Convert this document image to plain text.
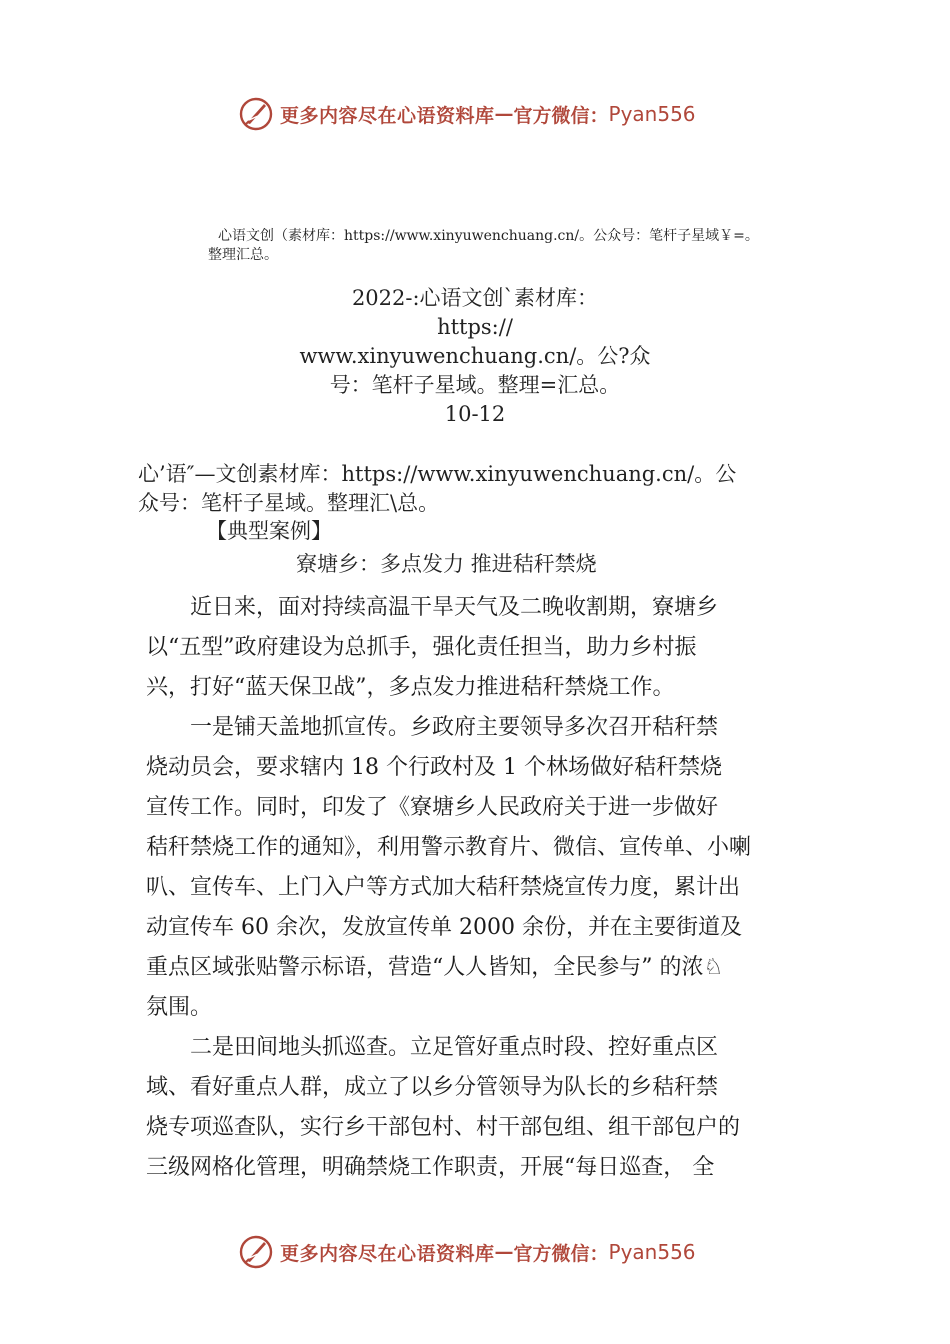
更多内容尽在心语资料库 — 官方微信： Pyan556
心语文创（素材库：https://www.xinyuwenchuang.cn/。公众号：笔杆子星域￥=。
整理汇总。
2022-:心语文创`素材库：
https://
www.xinyuwenchuang.cn/。公?众
号：笔杆子星域。整理=汇总。
10-12
心’语″—文创素材库：https://www.xinyuwenchuang.cn/。公
众号：笔杆子星域。整理汇\总。
【典型案例】
寮塘乡：多点发力 推进秸秆禁烧
　　近日来，面对持续高温干旱天气及二晚收割期，寮塘乡
以“五型”政府建设为总抓手，强化责任担当，助力乡村振
兴，打好“蓝天保卫战”，多点发力推进秸秆禁烧工作。
　　一是铺天盖地抓宣传。乡政府主要领导多次召开秸秆禁
烧动员会，要求辖内 18 个行政村及 1 个林场做好秸秆禁烧
宣传工作。同时，印发了《寮塘乡人民政府关于进一步做好
秸秆禁烧工作的通知》，利用警示教育片、微信、宣传单、小喇
叭、宣传车、上门入户等方式加大秸秆禁烧宣传力度，累计出
动宣传车 60 余次，发放宣传单 2000 余份，并在主要街道及
重点区域张贴警示标语，营造“人人皆知，全民参与” 的浓♘
氛围。
　　二是田间地头抓巡查。立足管好重点时段、控好重点区
域、看好重点人群，成立了以乡分管领导为队长的乡秸秆禁
烧专项巡查队，实行乡干部包村、村干部包组、组干部包户的
三级网格化管理，明确禁烧工作职责，开展“每日巡查， 全
更多内容尽在心语资料库 — 官方微信： Pyan556
